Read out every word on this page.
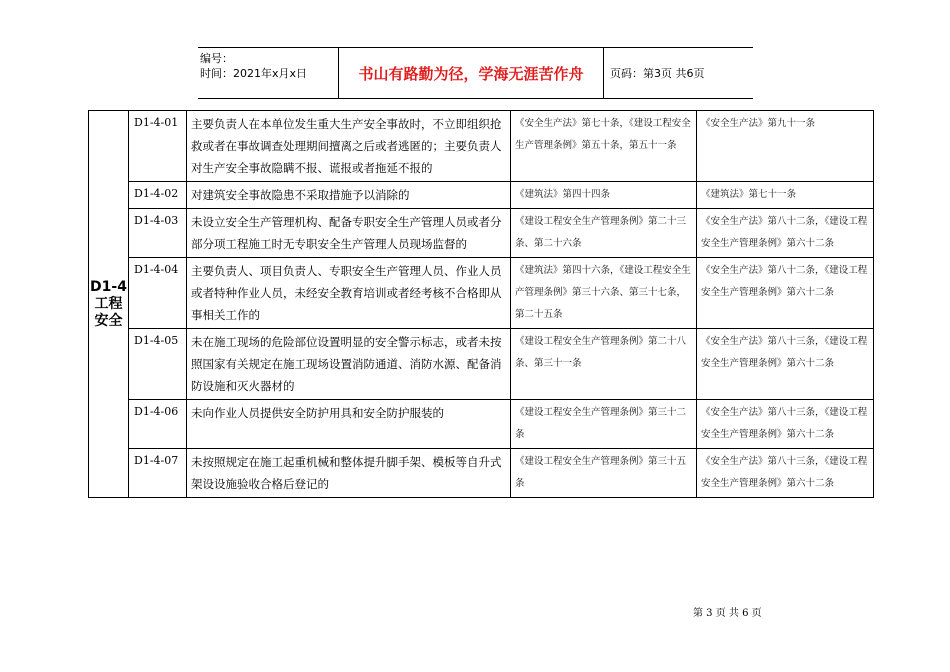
编号：
时间：2021年x月x日	书山有路勤为径，学海无涯苦作舟	页码：第3页 共6页
D1-4
工程安全	D1-4-01	主要负责人在本单位发生重大生产安全事故时，不立即组织抢救或者在事故调查处理期间擅离之后或者逃匿的；主要负责人对生产安全事故隐瞒不报、谎报或者拖延不报的	《安全生产法》第七十条，《建设工程安全生产管理条例》第五十条，第五十一条	《安全生产法》第九十一条
	D1-4-02	对建筑安全事故隐患不采取措施予以消除的	《建筑法》第四十四条	《建筑法》第七十一条
	D1-4-03	未设立安全生产管理机构、配备专职安全生产管理人员或者分部分项工程施工时无专职安全生产管理人员现场监督的	《建设工程安全生产管理条例》第二十三条、第二十六条	《安全生产法》第八十二条，《建设工程安全生产管理条例》第六十二条
	D1-4-04	主要负责人、项目负责人、专职安全生产管理人员、作业人员或者特种作业人员，未经安全教育培训或者经考核不合格即从事相关工作的	《建筑法》第四十六条，《建设工程安全生产管理条例》第三十六条、第三十七条，第二十五条	《安全生产法》第八十二条，《建设工程安全生产管理条例》第六十二条
	D1-4-05	未在施工现场的危险部位设置明显的安全警示标志，或者未按照国家有关规定在施工现场设置消防通道、消防水源、配备消防设施和灭火器材的	《建设工程安全生产管理条例》第二十八条、第三十一条	《安全生产法》第八十三条，《建设工程安全生产管理条例》第六十二条
	D1-4-06	未向作业人员提供安全防护用具和安全防护服装的	《建设工程安全生产管理条例》第三十二条	《安全生产法》第八十三条，《建设工程安全生产管理条例》第六十二条
	D1-4-07	未按照规定在施工起重机械和整体提升脚手架、模板等自升式架设设施验收合格后登记的	《建设工程安全生产管理条例》第三十五条	《安全生产法》第八十三条，《建设工程安全生产管理条例》第六十二条
第 3 页 共 6 页
